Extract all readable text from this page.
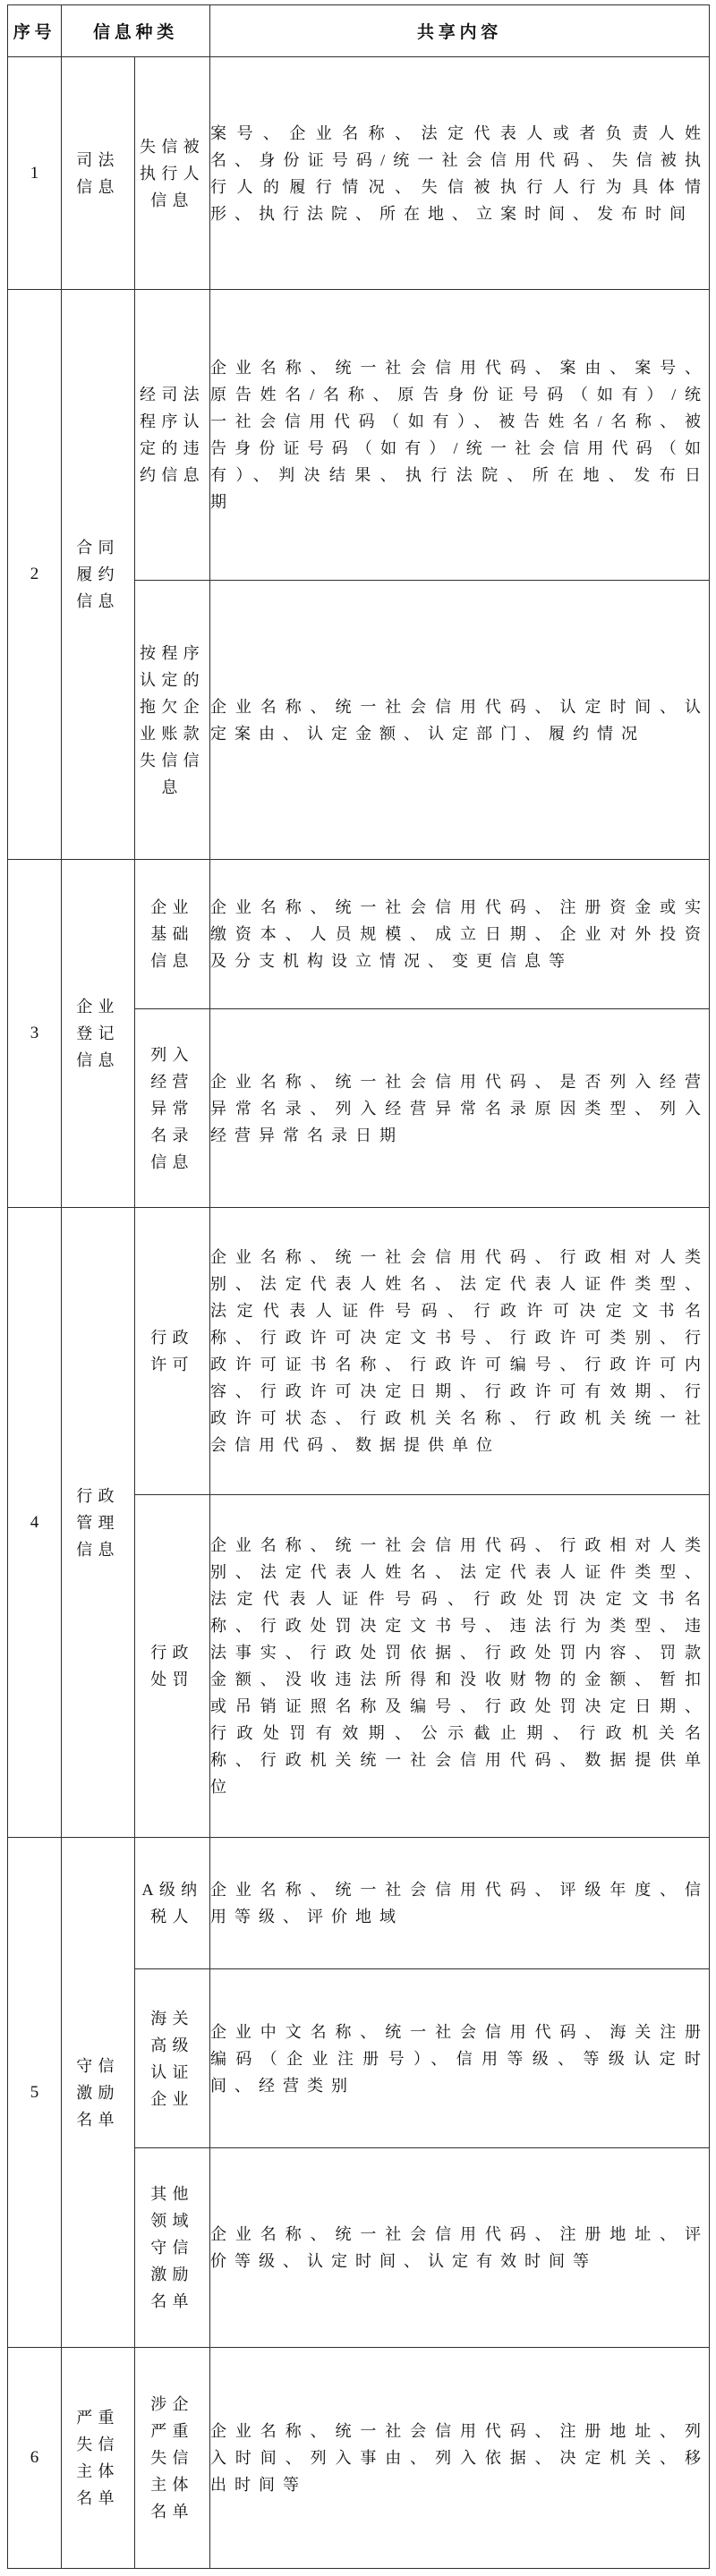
序号	信息种类		共享内容
1	司法信息	失信被执行人信息	案号、企业名称、法定代表人或者负责人姓名、身份证号码/统一社会信用代码、失信被执行人的履行情况、失信被执行人行为具体情形、执行法院、所在地、立案时间、发布时间
2	合同履约信息	经司法程序认定的违约信息	企业名称、统一社会信用代码、案由、案号、原告姓名/名称、原告身份证号码（如有）/统一社会信用代码（如有）、被告姓名/名称、被告身份证号码（如有）/统一社会信用代码（如有）、判决结果、执行法院、所在地、发布日期
		按程序认定的拖欠企业账款失信信息	企业名称、统一社会信用代码、认定时间、认定案由、认定金额、认定部门、履约情况
3	企业登记信息	企业基础信息	企业名称、统一社会信用代码、注册资金或实缴资本、人员规模、成立日期、企业对外投资及分支机构设立情况、变更信息等
		列入经营异常名录信息	企业名称、统一社会信用代码、是否列入经营异常名录、列入经营异常名录原因类型、列入经营异常名录日期
4	行政管理信息	行政许可	企业名称、统一社会信用代码、行政相对人类别、法定代表人姓名、法定代表人证件类型、法定代表人证件号码、行政许可决定文书名称、行政许可决定文书号、行政许可类别、行政许可证书名称、行政许可编号、行政许可内容、行政许可决定日期、行政许可有效期、行政许可状态、行政机关名称、行政机关统一社会信用代码、数据提供单位
		行政处罚	企业名称、统一社会信用代码、行政相对人类别、法定代表人姓名、法定代表人证件类型、法定代表人证件号码、行政处罚决定文书名称、行政处罚决定文书号、违法行为类型、违法事实、行政处罚依据、行政处罚内容、罚款金额、没收违法所得和没收财物的金额、暂扣或吊销证照名称及编号、行政处罚决定日期、行政处罚有效期、公示截止期、行政机关名称、行政机关统一社会信用代码、数据提供单位
5	守信激励名单	A级纳税人	企业名称、统一社会信用代码、评级年度、信用等级、评价地域
		海关高级认证企业	企业中文名称、统一社会信用代码、海关注册编码（企业注册号）、信用等级、等级认定时间、经营类别
		其他领域守信激励名单	企业名称、统一社会信用代码、注册地址、评价等级、认定时间、认定有效时间等
6	严重失信主体名单	涉企严重失信主体名单	企业名称、统一社会信用代码、注册地址、列入时间、列入事由、列入依据、决定机关、移出时间等
